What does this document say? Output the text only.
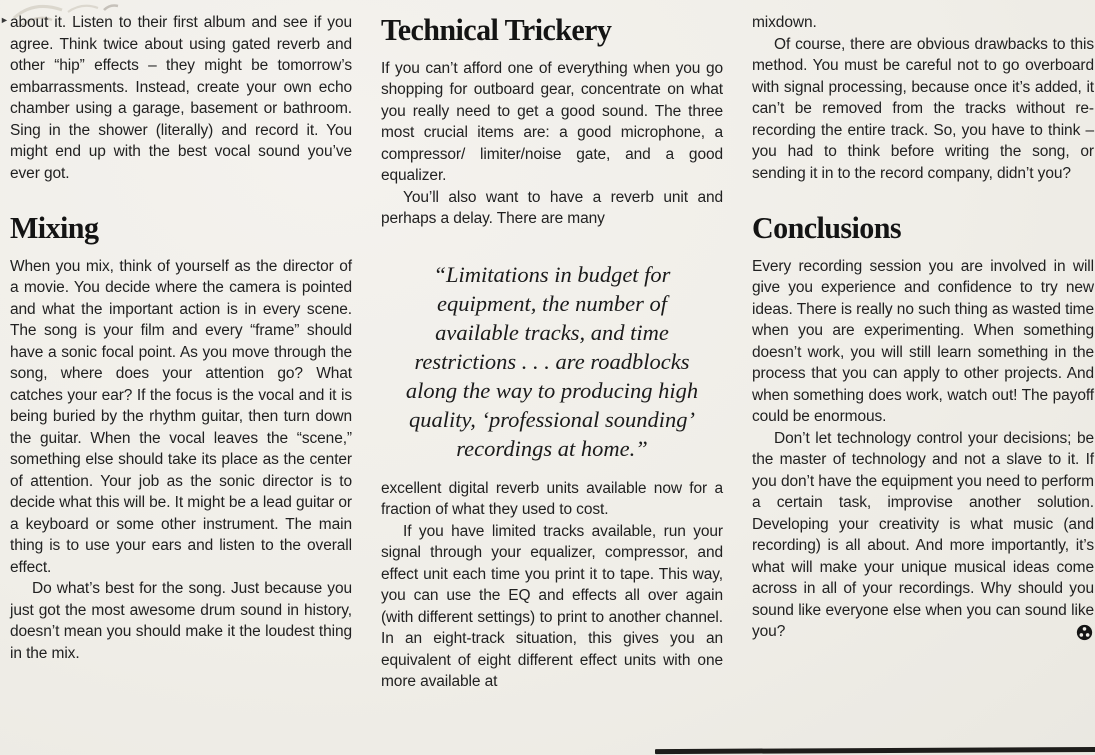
► about it. Listen to their first album and see if you agree. Think twice about using gated reverb and other “hip” effects – they might be tomorrow’s embarrassments. Instead, create your own echo chamber using a garage, basement or bathroom. Sing in the shower (literally) and record it. You might end up with the best vocal sound you’ve ever got.

Mixing

When you mix, think of yourself as the director of a movie. You decide where the camera is pointed and what the important action is in every scene. The song is your film and every “frame” should have a sonic focal point. As you move through the song, where does your attention go? What catches your ear? If the focus is the vocal and it is being buried by the rhythm guitar, then turn down the guitar. When the vocal leaves the “scene,” something else should take its place as the center of attention. Your job as the sonic director is to decide what this will be. It might be a lead guitar or a keyboard or some other instrument. The main thing is to use your ears and listen to the overall effect.

Do what’s best for the song. Just because you just got the most awesome drum sound in history, doesn’t mean you should make it the loudest thing in the mix.

Technical Trickery

If you can’t afford one of everything when you go shopping for outboard gear, concentrate on what you really need to get a good sound. The three most crucial items are: a good microphone, a compressor/ limiter/noise gate, and a good equalizer.

You’ll also want to have a reverb unit and perhaps a delay. There are many

“Limitations in budget for equipment, the number of available tracks, and time restrictions . . . are roadblocks along the way to producing high quality, ‘professional sounding’ recordings at home.”

excellent digital reverb units available now for a fraction of what they used to cost.

If you have limited tracks available, run your signal through your equalizer, compressor, and effect unit each time you print it to tape. This way, you can use the EQ and effects all over again (with different settings) to print to another channel. In an eight-track situation, this gives you an equivalent of eight different effect units with one more available at

mixdown.

Of course, there are obvious drawbacks to this method. You must be careful not to go overboard with signal processing, because once it’s added, it can’t be removed from the tracks without re-recording the entire track. So, you have to think – you had to think before writing the song, or sending it in to the record company, didn’t you?

Conclusions

Every recording session you are involved in will give you experience and confidence to try new ideas. There is really no such thing as wasted time when you are experimenting. When something doesn’t work, you will still learn something in the process that you can apply to other projects. And when something does work, watch out! The payoff could be enormous.

Don’t let technology control your decisions; be the master of technology and not a slave to it. If you don’t have the equipment you need to perform a certain task, improvise another solution. Developing your creativity is what music (and recording) is all about. And more importantly, it’s what will make your unique musical ideas come across in all of your recordings. Why should you sound like everyone else when you can sound like you?
